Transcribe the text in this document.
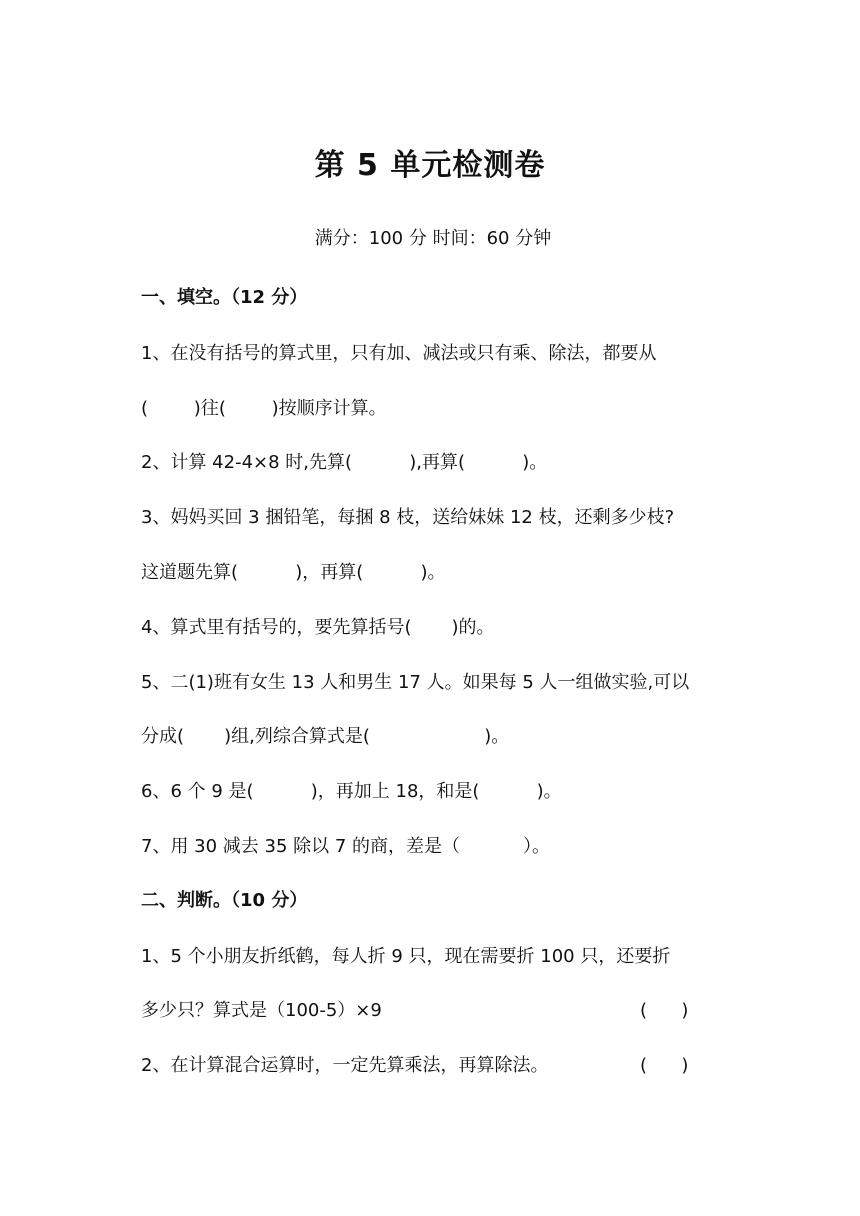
第 5 单元检测卷
满分：100 分 时间：60 分钟
一、填空。（12 分）
1、在没有括号的算式里，只有加、减法或只有乘、除法，都要从
(        )往(        )按顺序计算。
2、计算 42-4×8 时,先算(          ),再算(          )。
3、妈妈买回 3 捆铅笔，每捆 8 枝，送给妹妹 12 枝，还剩多少枝?
这道题先算(          )，再算(          )。
4、算式里有括号的，要先算括号(       )的。
5、二(1)班有女生 13 人和男生 17 人。如果每 5 人一组做实验,可以
分成(       )组,列综合算式是(                    )。
6、6 个 9 是(          )，再加上 18，和是(          )。
7、用 30 减去 35 除以 7 的商，差是（           ）。
二、判断。（10 分）
1、5 个小朋友折纸鹤，每人折 9 只，现在需要折 100 只，还要折
多少只？算式是（100-5）×9	(      )
2、在计算混合运算时，一定先算乘法，再算除法。	(      )
